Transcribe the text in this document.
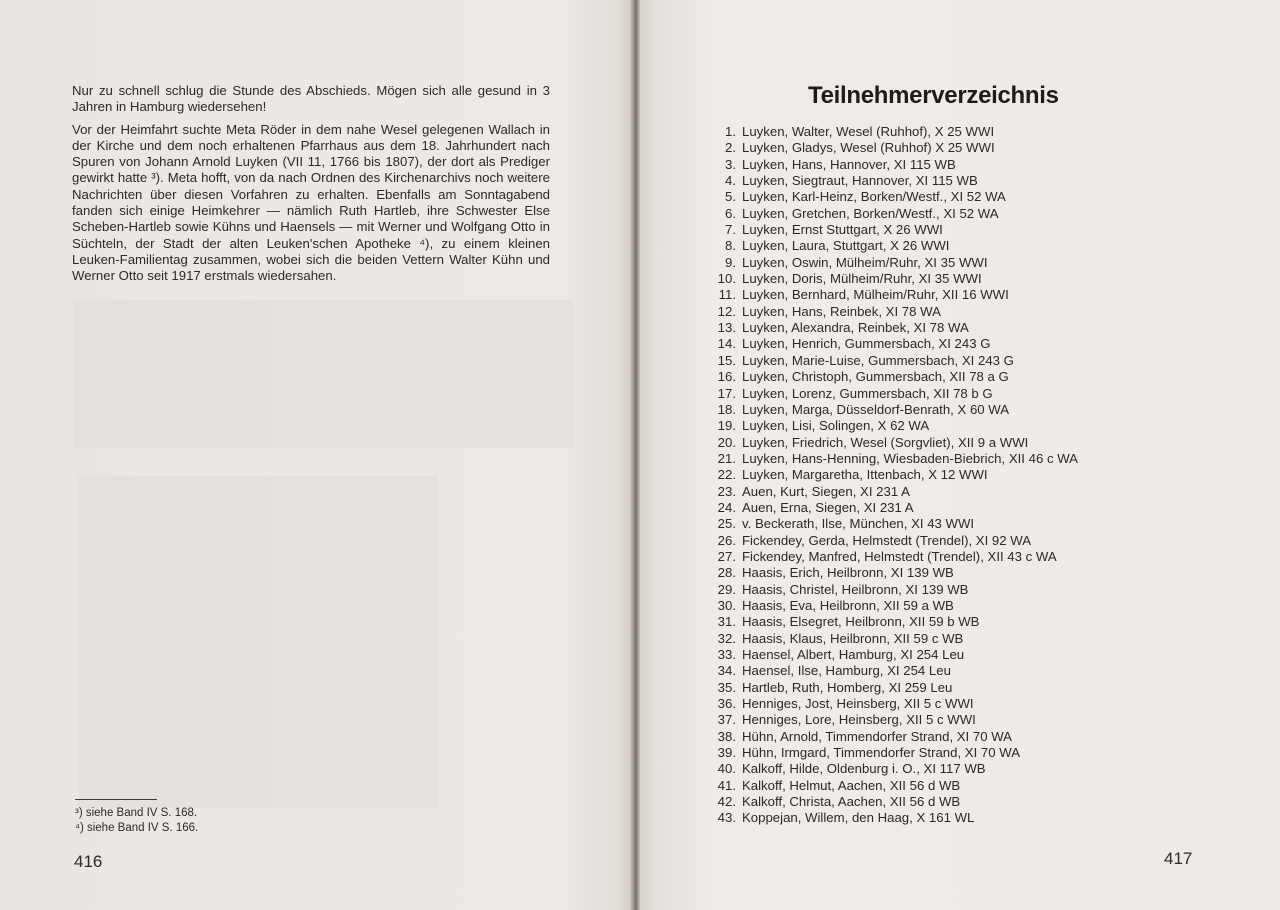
Nur zu schnell schlug die Stunde des Abschieds. Mögen sich alle gesund in 3 Jahren in Hamburg wiedersehen!

Vor der Heimfahrt suchte Meta Röder in dem nahe Wesel gelegenen Wallach in der Kirche und dem noch erhaltenen Pfarrhaus aus dem 18. Jahrhundert nach Spuren von Johann Arnold Luyken (VII 11, 1766 bis 1807), der dort als Prediger gewirkt hatte ³). Meta hofft, von da nach Ordnen des Kirchenarchivs noch weitere Nachrichten über diesen Vorfahren zu erhalten. Ebenfalls am Sonntagabend fanden sich einige Heimkehrer — nämlich Ruth Hartleb, ihre Schwester Else Scheben-Hartleb sowie Kühns und Haensels — mit Werner und Wolfgang Otto in Süchteln, der Stadt der alten Leuken'schen Apotheke ⁴), zu einem kleinen Leuken-Familientag zusammen, wobei sich die beiden Vettern Walter Kühn und Werner Otto seit 1917 erstmals wiedersahen.

³) siehe Band IV S. 168.
⁴) siehe Band IV S. 166.
416
Teilnehmerverzeichnis
1. Luyken, Walter, Wesel (Ruhhof), X 25 WWI
2. Luyken, Gladys, Wesel (Ruhhof) X 25 WWI
3. Luyken, Hans, Hannover, XI 115 WB
4. Luyken, Siegtraut, Hannover, XI 115 WB
5. Luyken, Karl-Heinz, Borken/Westf., XI 52 WA
6. Luyken, Gretchen, Borken/Westf., XI 52 WA
7. Luyken, Ernst Stuttgart, X 26 WWI
8. Luyken, Laura, Stuttgart, X 26 WWI
9. Luyken, Oswin, Mülheim/Ruhr, XI 35 WWI
10. Luyken, Doris, Mülheim/Ruhr, XI 35 WWI
11. Luyken, Bernhard, Mülheim/Ruhr, XII 16 WWI
12. Luyken, Hans, Reinbek, XI 78 WA
13. Luyken, Alexandra, Reinbek, XI 78 WA
14. Luyken, Henrich, Gummersbach, XI 243 G
15. Luyken, Marie-Luise, Gummersbach, XI 243 G
16. Luyken, Christoph, Gummersbach, XII 78 a G
17. Luyken, Lorenz, Gummersbach, XII 78 b G
18. Luyken, Marga, Düsseldorf-Benrath, X 60 WA
19. Luyken, Lisi, Solingen, X 62 WA
20. Luyken, Friedrich, Wesel (Sorgvliet), XII 9 a WWI
21. Luyken, Hans-Henning, Wiesbaden-Biebrich, XII 46 c WA
22. Luyken, Margaretha, Ittenbach, X 12 WWI
23. Auen, Kurt, Siegen, XI 231 A
24. Auen, Erna, Siegen, XI 231 A
25. v. Beckerath, Ilse, München, XI 43 WWI
26. Fickendey, Gerda, Helmstedt (Trendel), XI 92 WA
27. Fickendey, Manfred, Helmstedt (Trendel), XII 43 c WA
28. Haasis, Erich, Heilbronn, XI 139 WB
29. Haasis, Christel, Heilbronn, XI 139 WB
30. Haasis, Eva, Heilbronn, XII 59 a WB
31. Haasis, Elsegret, Heilbronn, XII 59 b WB
32. Haasis, Klaus, Heilbronn, XII 59 c WB
33. Haensel, Albert, Hamburg, XI 254 Leu
34. Haensel, Ilse, Hamburg, XI 254 Leu
35. Hartleb, Ruth, Homberg, XI 259 Leu
36. Henniges, Jost, Heinsberg, XII 5 c WWI
37. Henniges, Lore, Heinsberg, XII 5 c WWI
38. Hühn, Arnold, Timmendorfer Strand, XI 70 WA
39. Hühn, Irmgard, Timmendorfer Strand, XI 70 WA
40. Kalkoff, Hilde, Oldenburg i. O., XI 117 WB
41. Kalkoff, Helmut, Aachen, XII 56 d WB
42. Kalkoff, Christa, Aachen, XII 56 d WB
43. Koppejan, Willem, den Haag, X 161 WL
417
